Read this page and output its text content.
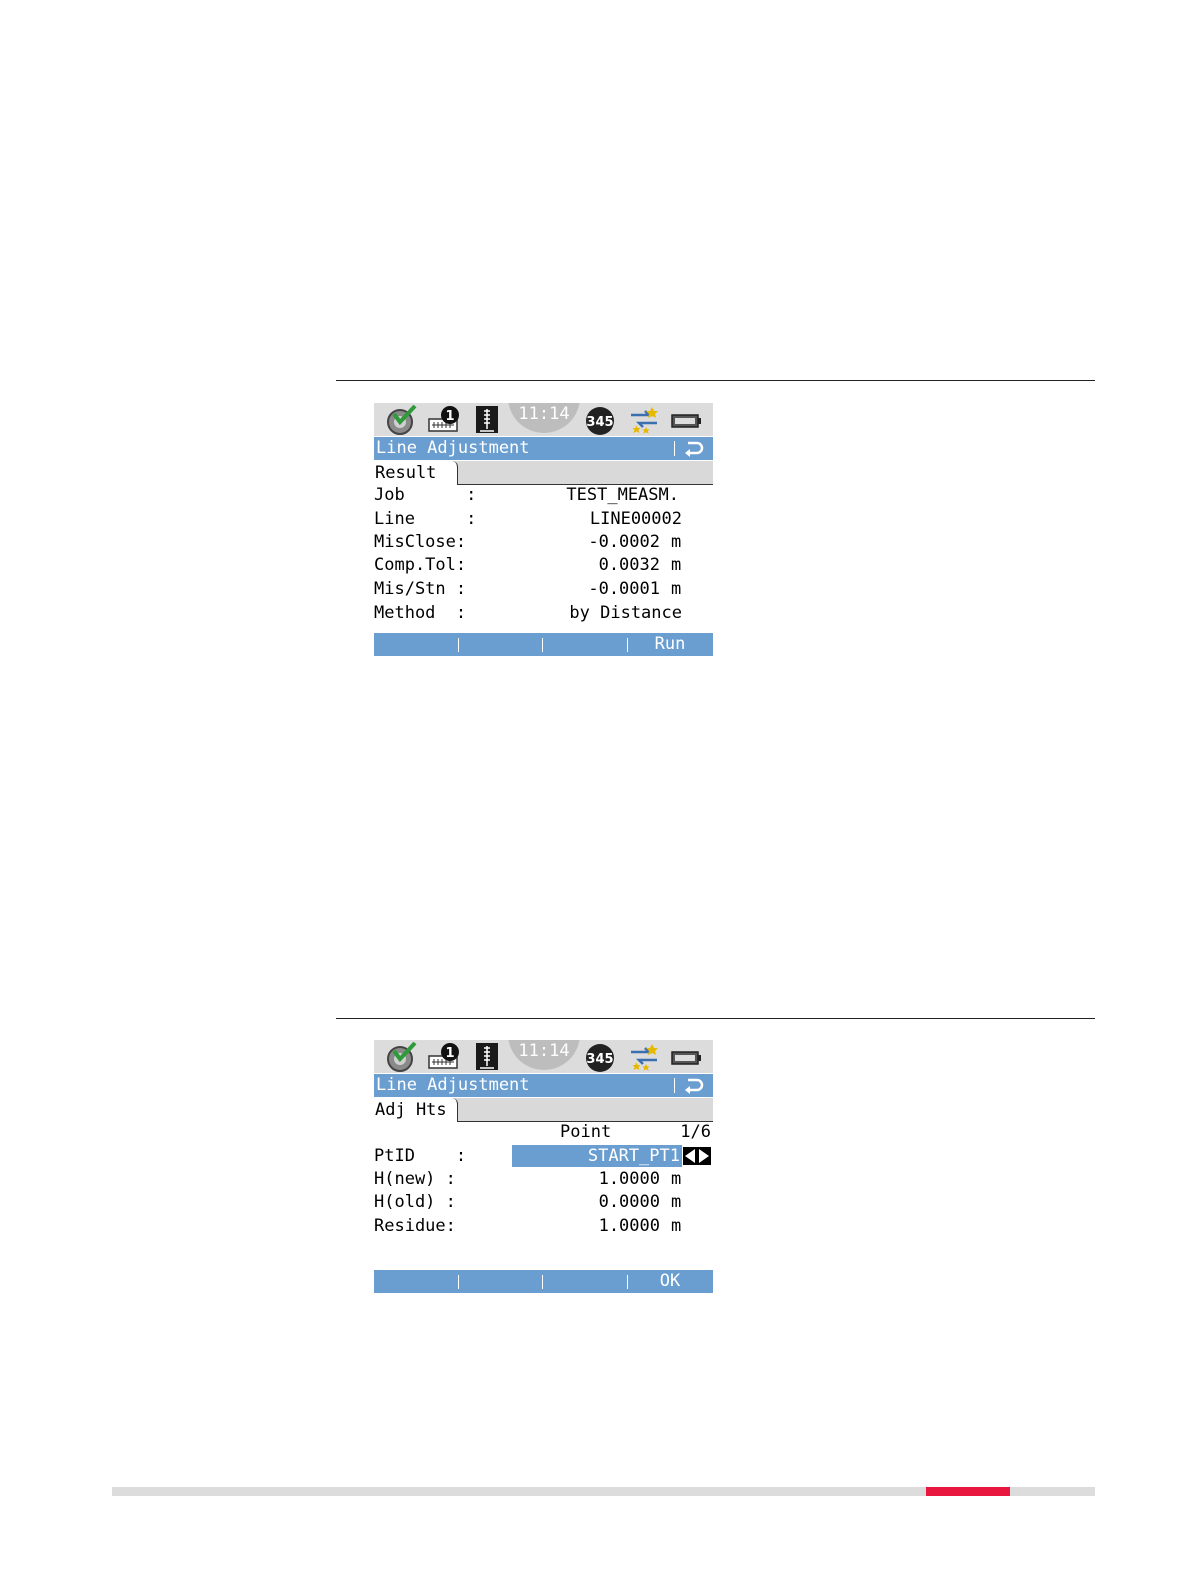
1	11:14	345
Line Adjustment
Result
Job      :	TEST_MEASM.
Line     :	LINE00002
MisClose:	-0.0002 m
Comp.Tol:	0.0032 m
Mis/Stn :	-0.0001 m
Method  :	by Distance
Run
1	11:14	345
Line Adjustment
Adj Hts
Point	1/6
PtID    :	START_PT1
H(new) :	1.0000 m
H(old) :	0.0000 m
Residue:	1.0000 m
OK
